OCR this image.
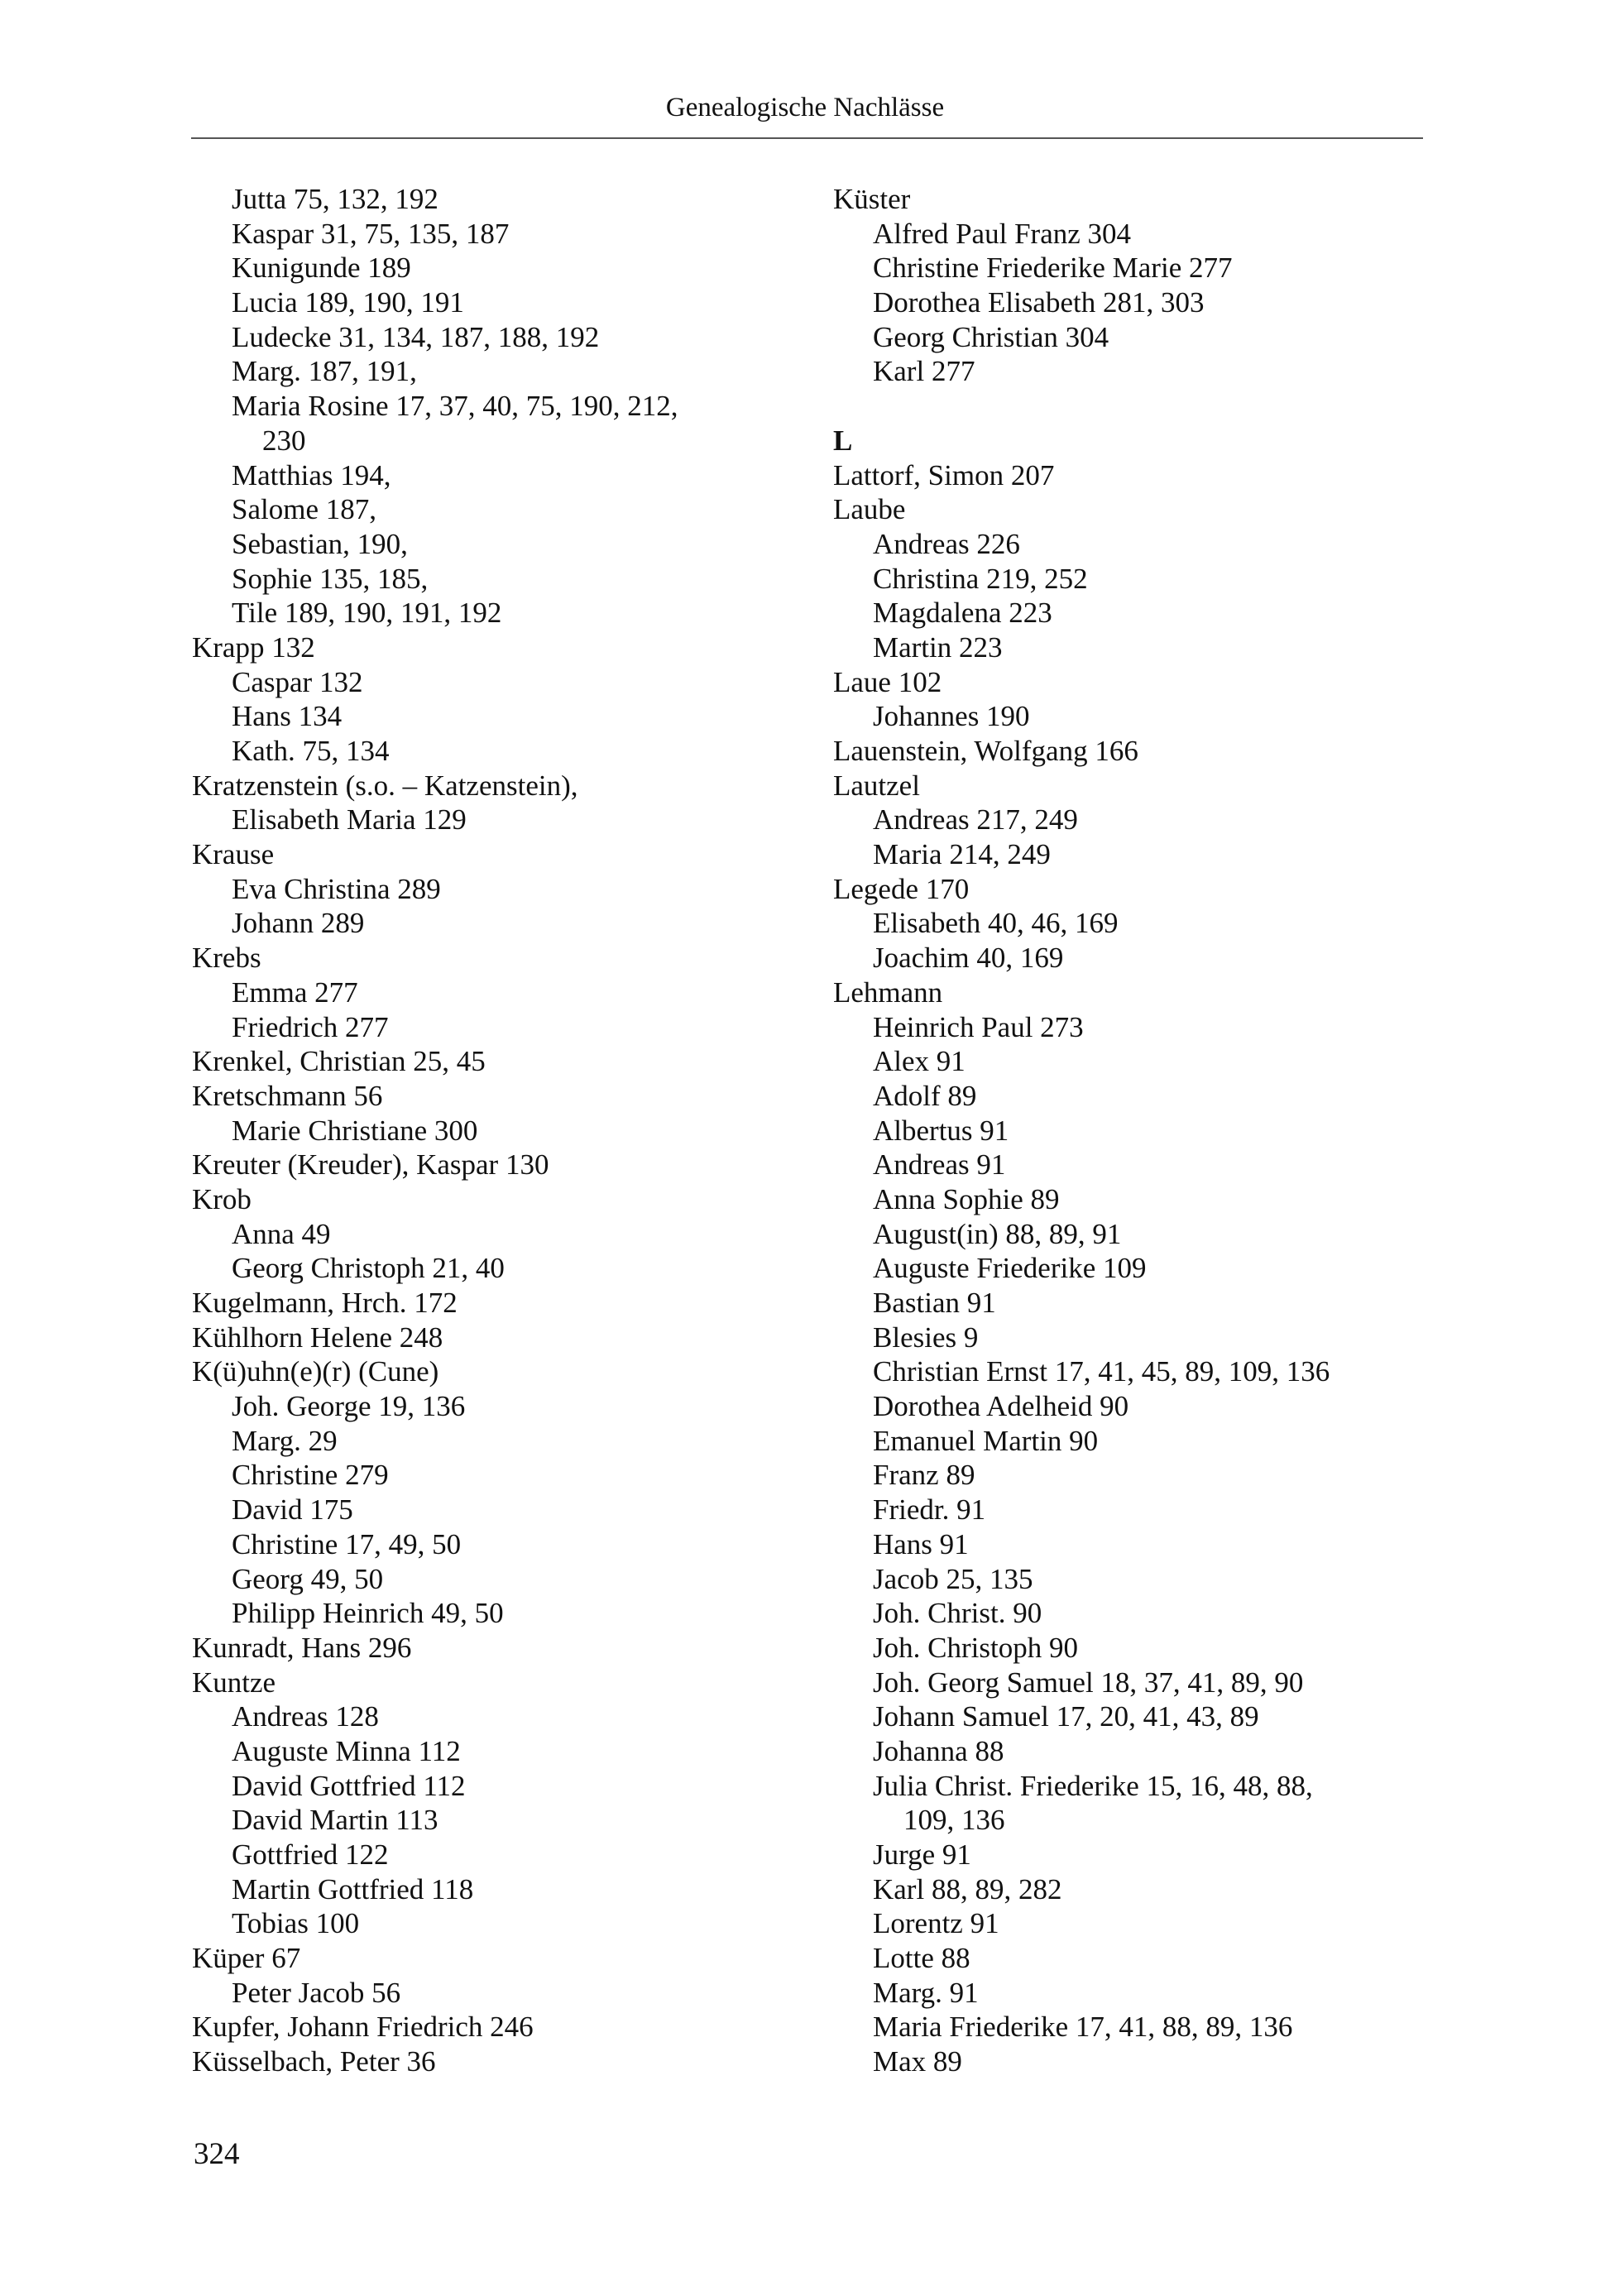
Genealogische Nachlässe
Jutta 75, 132, 192
Kaspar 31, 75, 135, 187
Kunigunde 189
Lucia 189, 190, 191
Ludecke 31, 134, 187, 188, 192
Marg. 187, 191,
Maria Rosine 17, 37, 40, 75, 190, 212,
230
Matthias 194,
Salome 187,
Sebastian, 190,
Sophie 135, 185,
Tile 189, 190, 191, 192
Krapp 132
Caspar 132
Hans 134
Kath. 75, 134
Kratzenstein (s.o. – Katzenstein),
Elisabeth Maria 129
Krause
Eva Christina 289
Johann 289
Krebs
Emma 277
Friedrich 277
Krenkel, Christian 25, 45
Kretschmann 56
Marie Christiane 300
Kreuter (Kreuder), Kaspar 130
Krob
Anna 49
Georg Christoph 21, 40
Kugelmann, Hrch. 172
Kühlhorn Helene 248
K(ü)uhn(e)(r) (Cune)
Joh. George 19, 136
Marg. 29
Christine 279
David 175
Christine 17, 49, 50
Georg 49, 50
Philipp Heinrich 49, 50
Kunradt, Hans 296
Kuntze
Andreas 128
Auguste Minna 112
David Gottfried 112
David Martin 113
Gottfried 122
Martin Gottfried 118
Tobias 100
Küper 67
Peter Jacob 56
Kupfer, Johann Friedrich 246
Küsselbach, Peter 36
Küster
Alfred Paul Franz 304
Christine Friederike Marie 277
Dorothea Elisabeth 281, 303
Georg Christian 304
Karl 277
L
Lattorf, Simon 207
Laube
Andreas 226
Christina 219, 252
Magdalena 223
Martin 223
Laue 102
Johannes 190
Lauenstein, Wolfgang 166
Lautzel
Andreas 217, 249
Maria 214, 249
Legede 170
Elisabeth 40, 46, 169
Joachim 40, 169
Lehmann
Heinrich Paul 273
Alex 91
Adolf 89
Albertus 91
Andreas 91
Anna Sophie 89
August(in) 88, 89, 91
Auguste Friederike 109
Bastian 91
Blesies 9
Christian Ernst 17, 41, 45, 89, 109, 136
Dorothea Adelheid 90
Emanuel Martin 90
Franz 89
Friedr. 91
Hans 91
Jacob 25, 135
Joh. Christ. 90
Joh. Christoph 90
Joh. Georg Samuel 18, 37, 41, 89, 90
Johann Samuel 17, 20, 41, 43, 89
Johanna 88
Julia Christ. Friederike 15, 16, 48, 88,
109, 136
Jurge 91
Karl 88, 89, 282
Lorentz 91
Lotte 88
Marg. 91
Maria Friederike 17, 41, 88, 89, 136
Max 89
324
